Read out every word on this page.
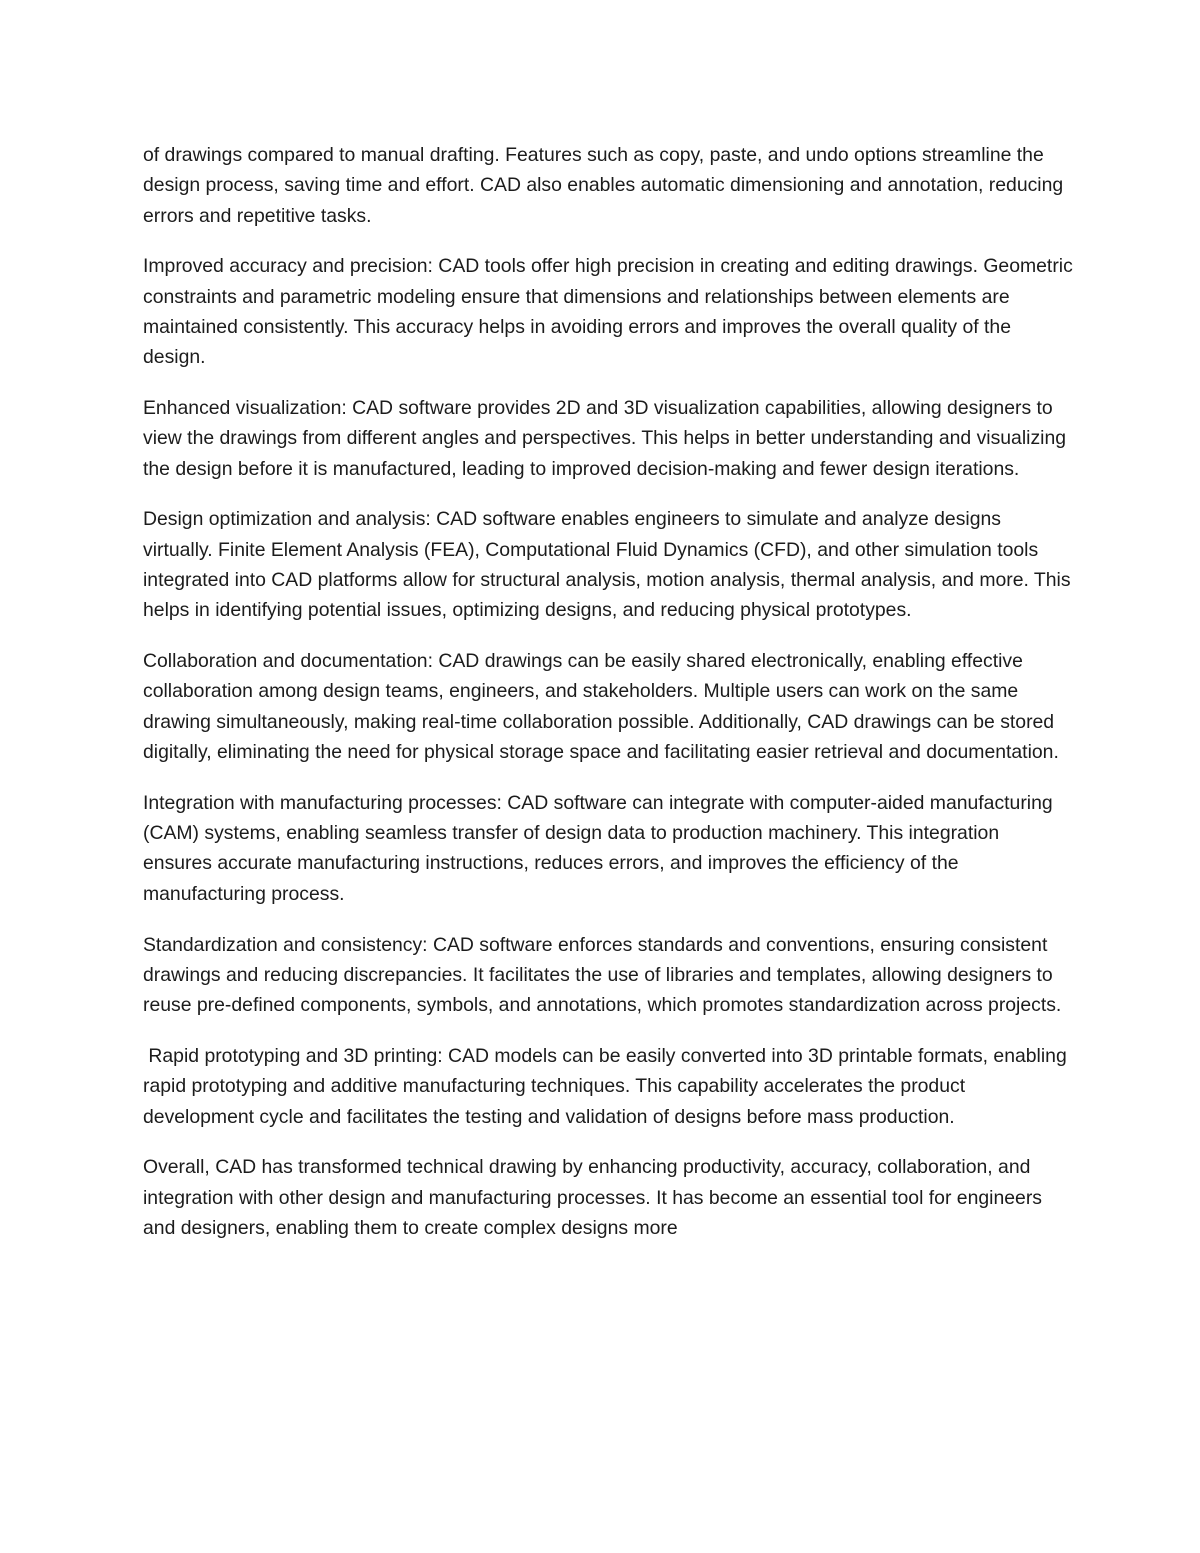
of drawings compared to manual drafting. Features such as copy, paste, and undo options streamline the design process, saving time and effort. CAD also enables automatic dimensioning and annotation, reducing errors and repetitive tasks.

Improved accuracy and precision: CAD tools offer high precision in creating and editing drawings. Geometric constraints and parametric modeling ensure that dimensions and relationships between elements are maintained consistently. This accuracy helps in avoiding errors and improves the overall quality of the design.

Enhanced visualization: CAD software provides 2D and 3D visualization capabilities, allowing designers to view the drawings from different angles and perspectives. This helps in better understanding and visualizing the design before it is manufactured, leading to improved decision-making and fewer design iterations.

Design optimization and analysis: CAD software enables engineers to simulate and analyze designs virtually. Finite Element Analysis (FEA), Computational Fluid Dynamics (CFD), and other simulation tools integrated into CAD platforms allow for structural analysis, motion analysis, thermal analysis, and more. This helps in identifying potential issues, optimizing designs, and reducing physical prototypes.

Collaboration and documentation: CAD drawings can be easily shared electronically, enabling effective collaboration among design teams, engineers, and stakeholders. Multiple users can work on the same drawing simultaneously, making real-time collaboration possible. Additionally, CAD drawings can be stored digitally, eliminating the need for physical storage space and facilitating easier retrieval and documentation.

Integration with manufacturing processes: CAD software can integrate with computer-aided manufacturing (CAM) systems, enabling seamless transfer of design data to production machinery. This integration ensures accurate manufacturing instructions, reduces errors, and improves the efficiency of the manufacturing process.

Standardization and consistency: CAD software enforces standards and conventions, ensuring consistent drawings and reducing discrepancies. It facilitates the use of libraries and templates, allowing designers to reuse pre-defined components, symbols, and annotations, which promotes standardization across projects.

Rapid prototyping and 3D printing: CAD models can be easily converted into 3D printable formats, enabling rapid prototyping and additive manufacturing techniques. This capability accelerates the product development cycle and facilitates the testing and validation of designs before mass production.

Overall, CAD has transformed technical drawing by enhancing productivity, accuracy, collaboration, and integration with other design and manufacturing processes. It has become an essential tool for engineers and designers, enabling them to create complex designs more
